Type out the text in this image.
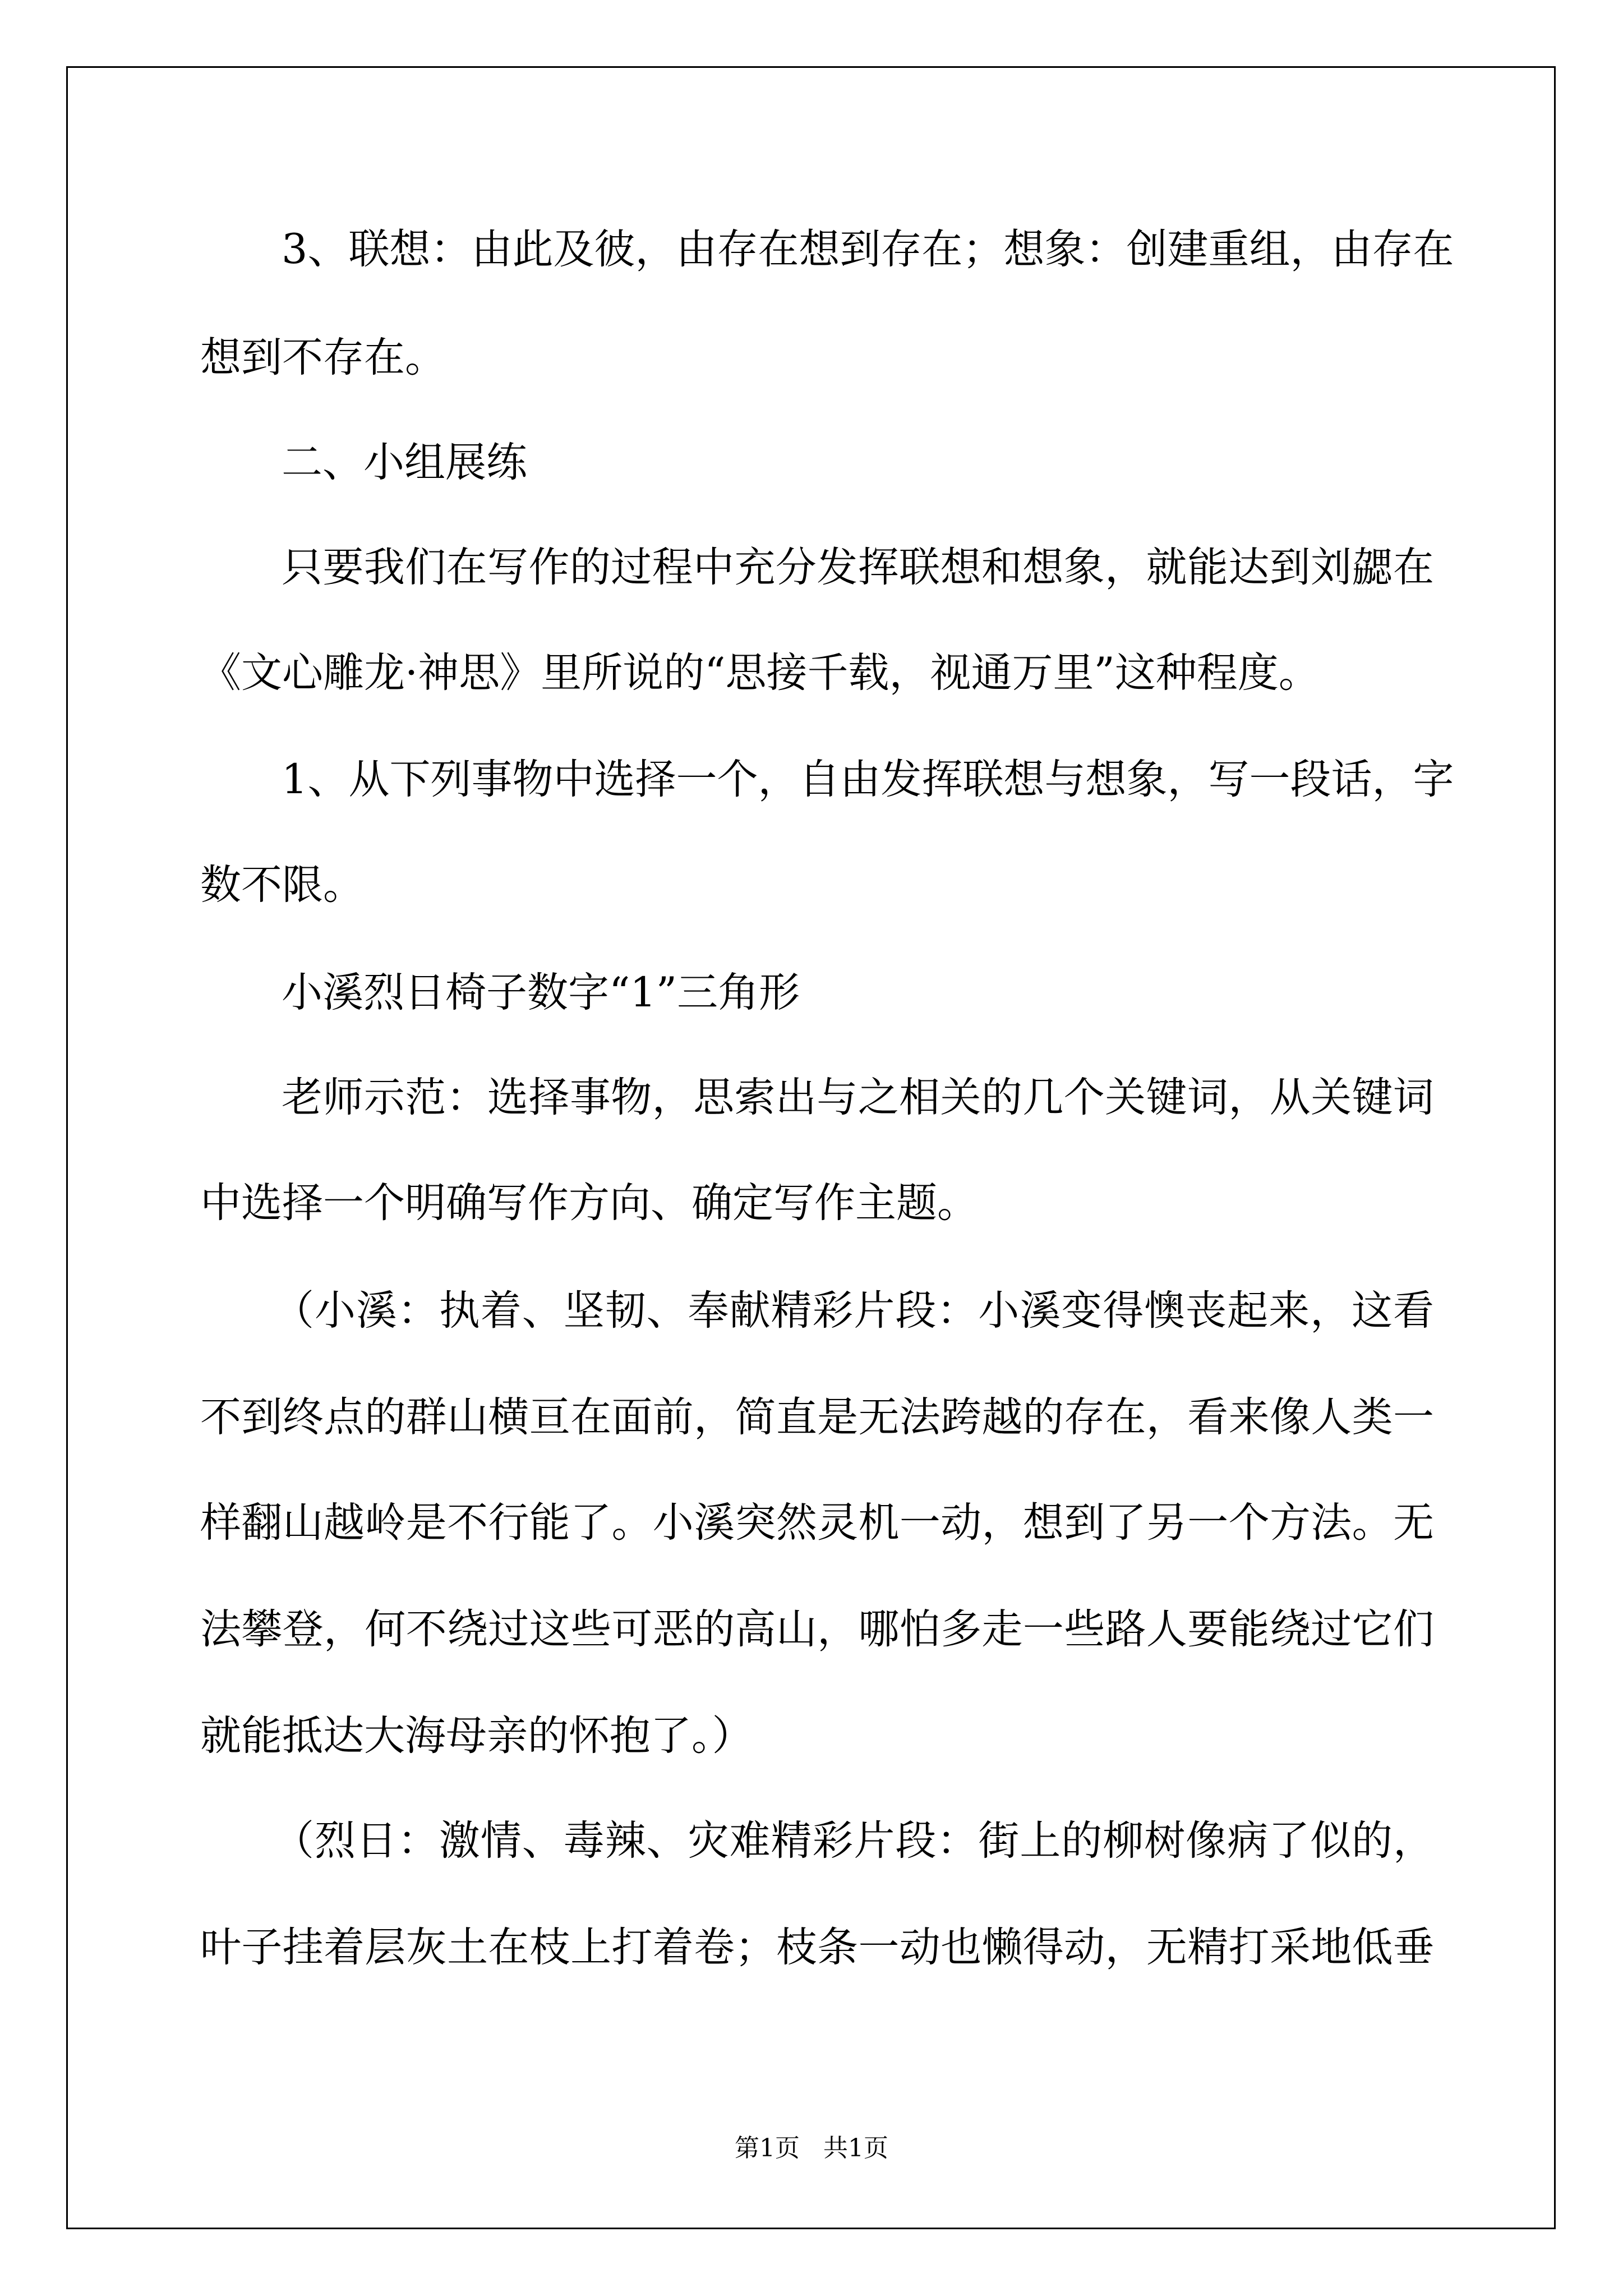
3、联想：由此及彼，由存在想到存在；想象：创建重组，由存在
想到不存在。
二、小组展练
只要我们在写作的过程中充分发挥联想和想象，就能达到刘勰在
《文心雕龙·神思》里所说的“思接千载，视通万里”这种程度。
1、从下列事物中选择一个，自由发挥联想与想象，写一段话，字
数不限。
小溪烈日椅子数字“1”三角形
老师示范：选择事物，思索出与之相关的几个关键词，从关键词
中选择一个明确写作方向、确定写作主题。
（小溪：执着、坚韧、奉献精彩片段：小溪变得懊丧起来，这看
不到终点的群山横亘在面前，简直是无法跨越的存在，看来像人类一
样翻山越岭是不行能了。小溪突然灵机一动，想到了另一个方法。无
法攀登，何不绕过这些可恶的高山，哪怕多走一些路人要能绕过它们
就能抵达大海母亲的怀抱了。）
（烈日：激情、毒辣、灾难精彩片段：街上的柳树像病了似的，
叶子挂着层灰土在枝上打着卷；枝条一动也懒得动，无精打采地低垂
第1页   共1页
